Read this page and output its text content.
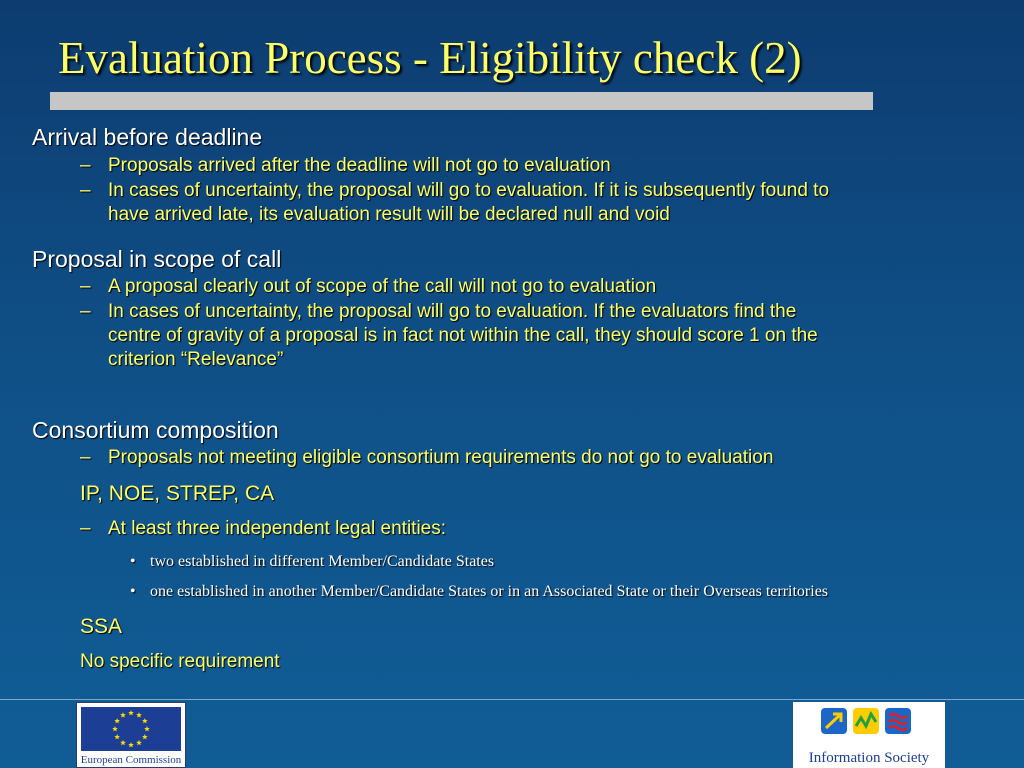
Evaluation Process - Eligibility check (2)

Arrival before deadline

– Proposals arrived after the deadline will not go to evaluation
– In cases of uncertainty, the proposal will go to evaluation. If it is subsequently found to

have arrived late, its evaluation result will be declared null and void

Proposal in scope of call

– A proposal clearly out of scope of the call will not go to evaluation
– In cases of uncertainty, the proposal will go to evaluation. If the evaluators find the

centre of gravity of a proposal is in fact not within the call, they should score 1 on the

criterion “Relevance”

Consortium composition

– Proposals not meeting eligible consortium requirements do not go to evaluation

IP, NOE, STREP, CA

– At least three independent legal entities:
• two established in different Member/Candidate States
• one established in another Member/Candidate States or in an Associated State or their Overseas territories

SSA

No specific requirement

European Commission	Information Society
